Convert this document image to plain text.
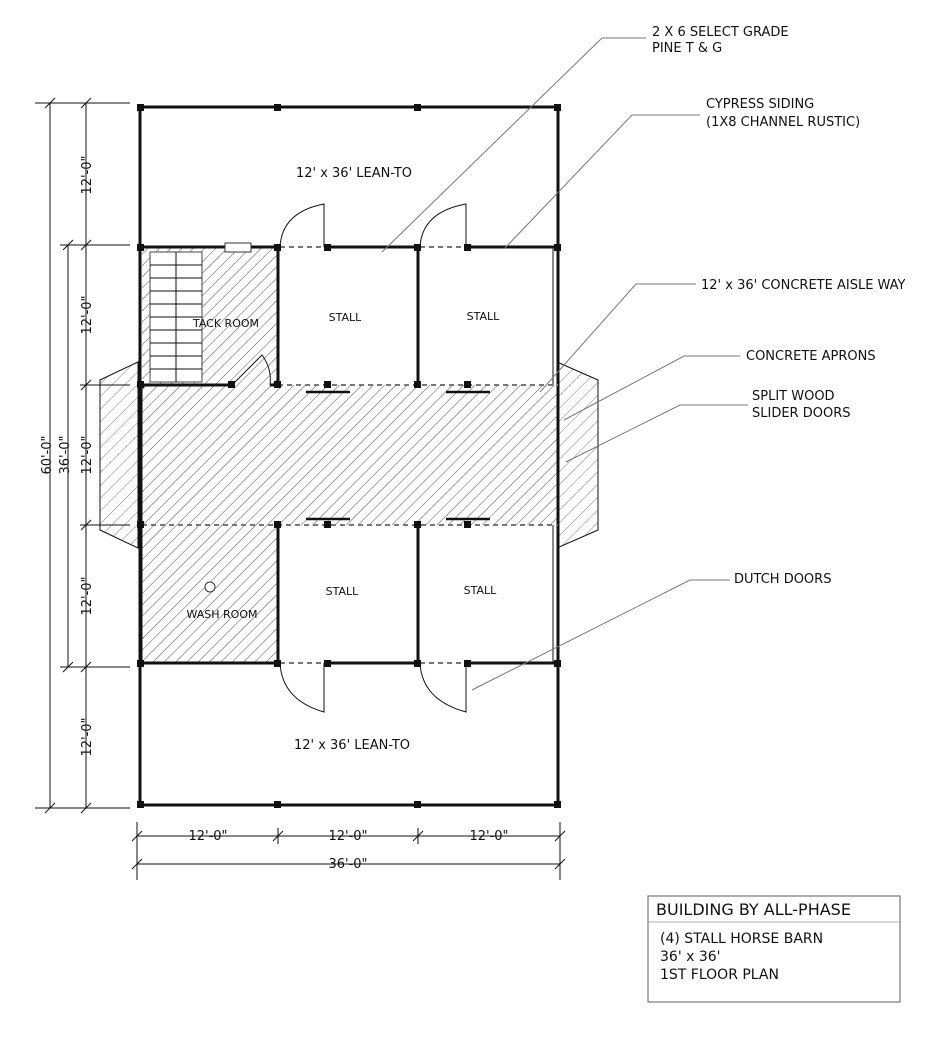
12' x 36' LEAN-TO
12' x 36' LEAN-TO
TACK ROOM
WASH ROOM
STALL	STALL
STALL	STALL
2 X 6 SELECT GRADE
PINE T & G
CYPRESS SIDING
(1X8 CHANNEL RUSTIC)
12' x 36' CONCRETE AISLE WAY
CONCRETE APRONS
SPLIT WOOD
SLIDER DOORS
DUTCH DOORS
60'-0" 36'-0"
12'-0"
12'-0"
12'-0"
12'-0"
12'-0"
12'-0"	12'-0"	12'-0"
36'-0"
BUILDING BY ALL-PHASE
(4) STALL HORSE BARN
36' x 36'
1ST FLOOR PLAN
